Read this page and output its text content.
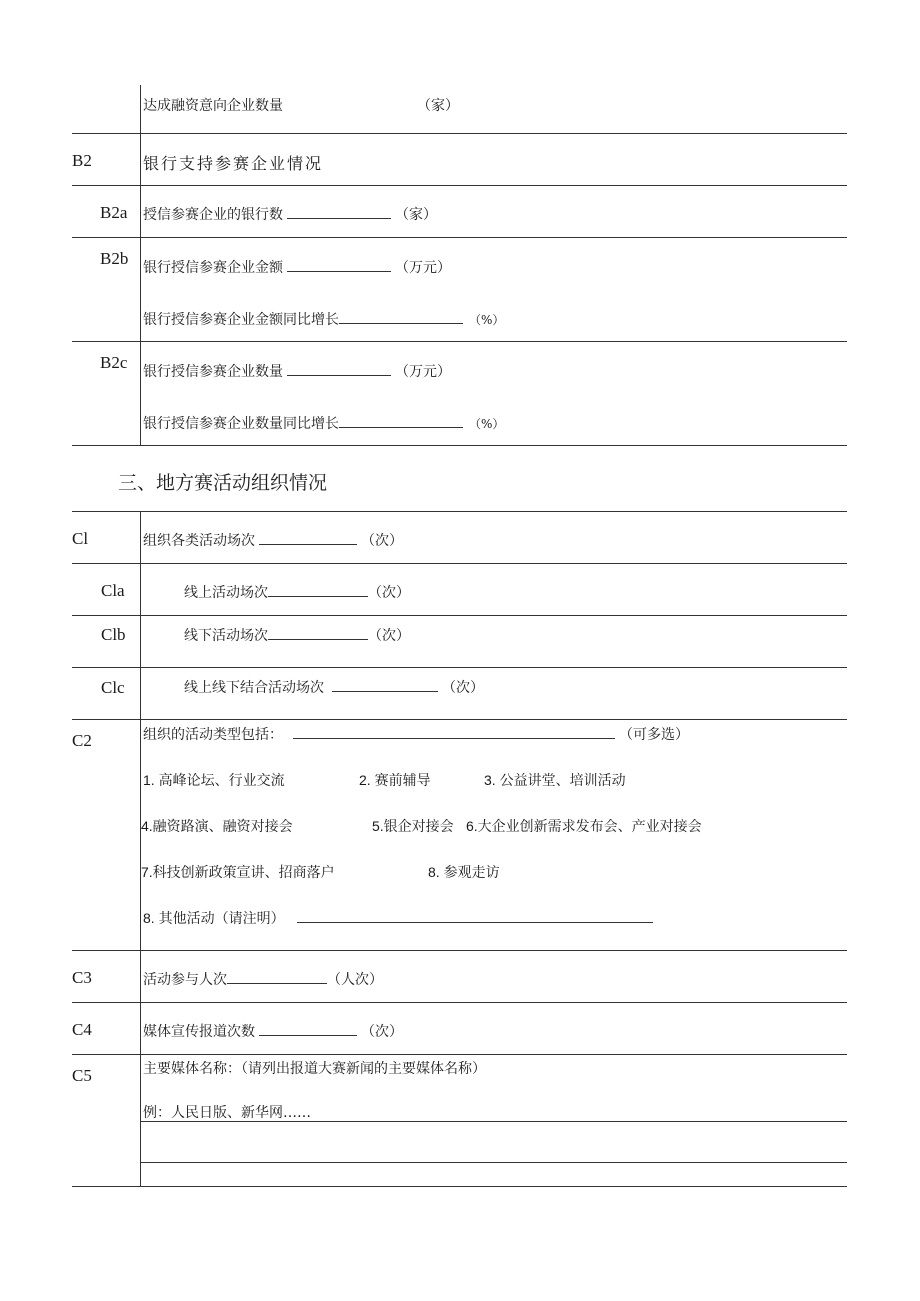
达成融资意向企业数量	（家）
B2	银行支持参赛企业情况
B2a 授信参赛企业的银行数	（家）
B2b 银行授信参赛企业金额	（万元）
银行授信参赛企业金额同比增长	（%）
B2c 银行授信参赛企业数量	（万元）
银行授信参赛企业数量同比增长	（%）
三、地方赛活动组织情况
Cl	组织各类活动场次	（次）
Cla	线上活动场次	（次）
Clb	线下活动场次	（次）
Clc	线上线下结合活动场次	（次）
C2	组织的活动类型包括：	（可多选）
1. 高峰论坛、行业交流	2. 赛前辅导	3. 公益讲堂、培训活动
4.融资路演、融资对接会	5.银企对接会 6.大企业创新需求发布会、产业对接会
7.科技创新政策宣讲、招商落户	8. 参观走访
8. 其他活动（请注明）
C3	活动参与人次	（人次）
C4	媒体宣传报道次数	（次）
C5	主要媒体名称：（请列出报道大赛新闻的主要媒体名称）
例：人民日版、新华网……
